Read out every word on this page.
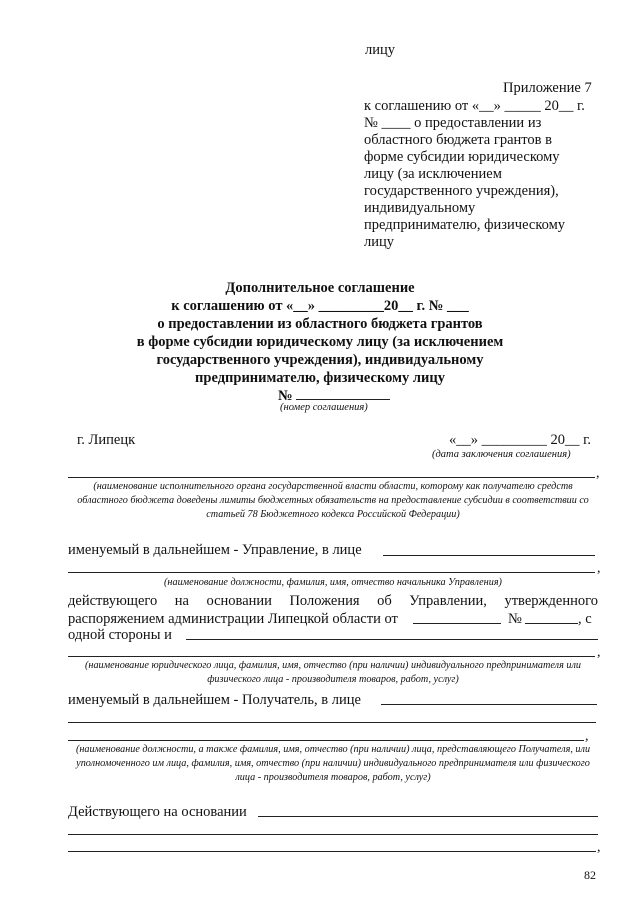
лицу
Приложение 7
к соглашению от «__» _____ 20__ г.
№ ____ о предоставлении из
областного бюджета грантов в
форме субсидии юридическому
лицу (за исключением
государственного учреждения),
индивидуальному
предпринимателю, физическому
лицу
Дополнительное соглашение
к соглашению от «__» _________20__ г. № ___
о предоставлении из областного бюджета грантов
в форме субсидии юридическому лицу (за исключением
государственного учреждения), индивидуальному
предпринимателю, физическому лицу
№
(номер соглашения)
г. Липецк	«__» _________ 20__ г.
(дата заключения соглашения)
,
(наименование исполнительного органа государственной власти области, которому как получателю средств областного бюджета доведены лимиты бюджетных обязательств на предоставление субсидии в соответствии со статьей 78 Бюджетного кодекса Российской Федерации)
именуемый в дальнейшем - Управление, в лице
,
(наименование должности, фамилия, имя, отчество начальника Управления)
действующего на основании Положения об Управлении, утвержденного
распоряжением администрации Липецкой области от	№	, с
одной стороны и
,
(наименование юридического лица, фамилия, имя, отчество (при наличии) индивидуального предпринимателя или физического лица - производителя товаров, работ, услуг)
именуемый в дальнейшем - Получатель, в лице
,
(наименование должности, а также фамилия, имя, отчество (при наличии) лица, представляющего Получателя, или уполномоченного им лица, фамилия, имя, отчество (при наличии) индивидуального предпринимателя или физического лица - производителя товаров, работ, услуг)
Действующего на основании
,
82
